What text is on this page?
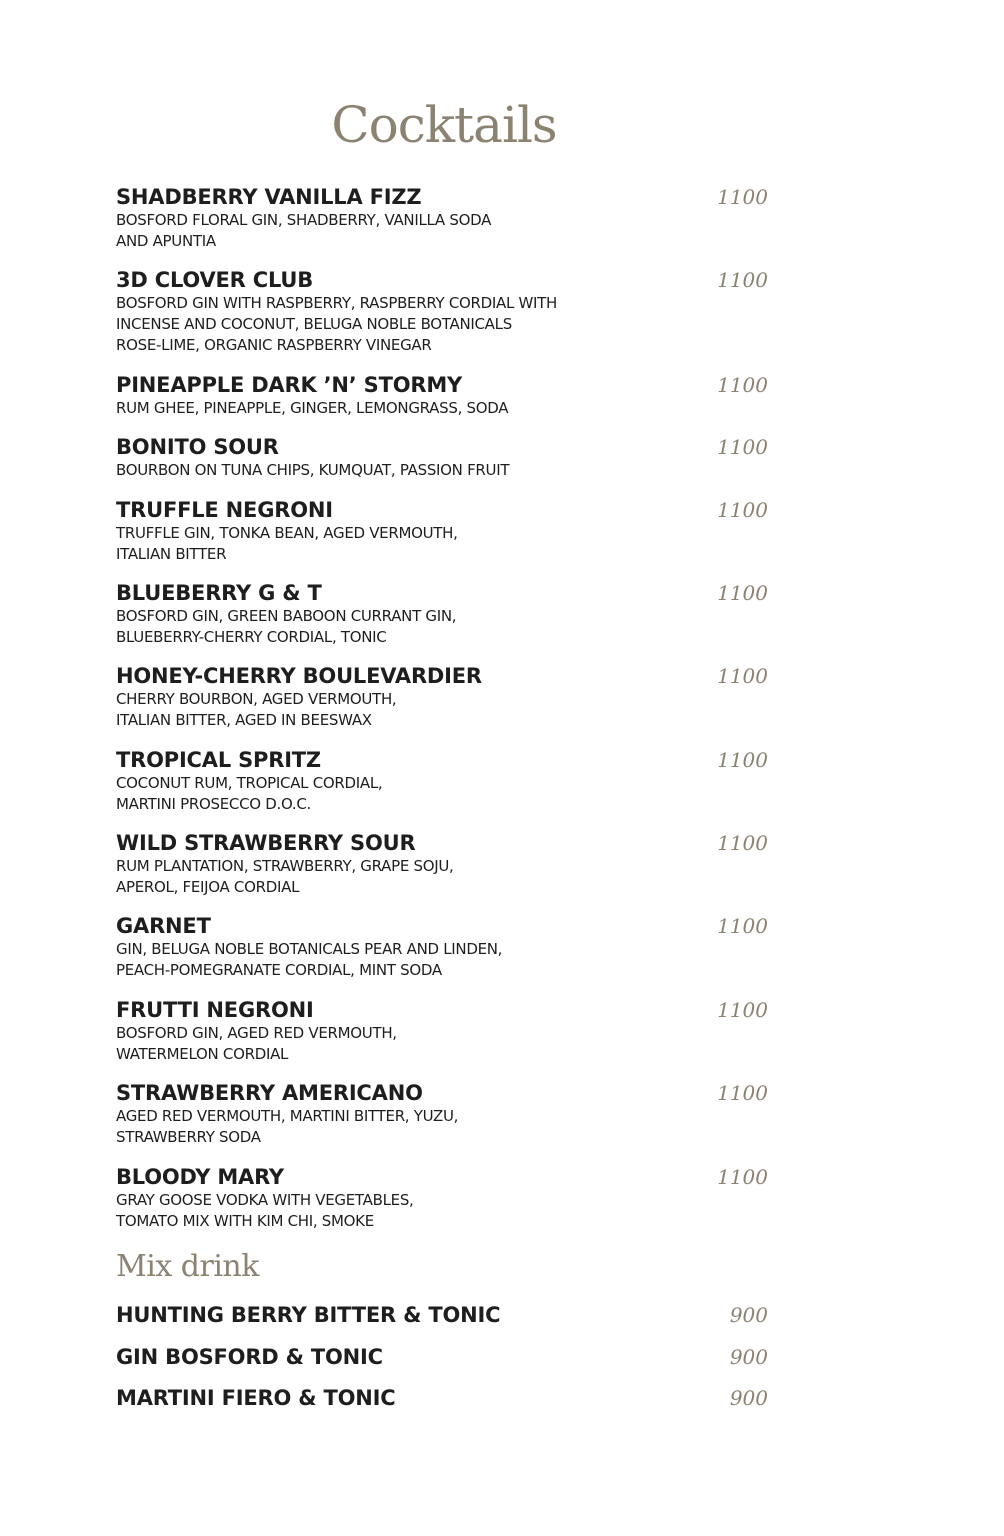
Cocktails
SHADBERRY VANILLA FIZZ
BOSFORD FLORAL GIN, SHADBERRY, VANILLA SODA
AND APUNTIA
1100
3D CLOVER CLUB
BOSFORD GIN WITH RASPBERRY, RASPBERRY CORDIAL WITH
INCENSE AND COCONUT, BELUGA NOBLE BOTANICALS
ROSE-LIME, ORGANIC RASPBERRY VINEGAR
1100
PINEAPPLE DARK ’N’ STORMY
RUM GHEE, PINEAPPLE, GINGER, LEMONGRASS, SODA
1100
BONITO SOUR
BOURBON ON TUNA CHIPS, KUMQUAT, PASSION FRUIT
1100
TRUFFLE NEGRONI
TRUFFLE GIN, TONKA BEAN, AGED VERMOUTH,
ITALIAN BITTER
1100
BLUEBERRY G & T
BOSFORD GIN, GREEN BABOON CURRANT GIN,
BLUEBERRY-CHERRY CORDIAL, TONIC
1100
HONEY-CHERRY BOULEVARDIER
CHERRY BOURBON, AGED VERMOUTH,
ITALIAN BITTER, AGED IN BEESWAX
1100
TROPICAL SPRITZ
COCONUT RUM, TROPICAL CORDIAL,
MARTINI PROSECCO D.O.C.
1100
WILD STRAWBERRY SOUR
RUM PLANTATION, STRAWBERRY, GRAPE SOJU,
APEROL, FEIJOA CORDIAL
1100
GARNET
GIN, BELUGA NOBLE BOTANICALS PEAR AND LINDEN,
PEACH-POMEGRANATE CORDIAL, MINT SODA
1100
FRUTTI NEGRONI
BOSFORD GIN, AGED RED VERMOUTH,
WATERMELON CORDIAL
1100
STRAWBERRY AMERICANO
AGED RED VERMOUTH, MARTINI BITTER, YUZU,
STRAWBERRY SODA
1100
BLOODY MARY
GRAY GOOSE VODKA WITH VEGETABLES,
TOMATO MIX WITH KIM CHI, SMOKE
1100
Mix drink
HUNTING BERRY BITTER & TONIC	900
GIN BOSFORD & TONIC	900
MARTINI FIERO & TONIC	900
